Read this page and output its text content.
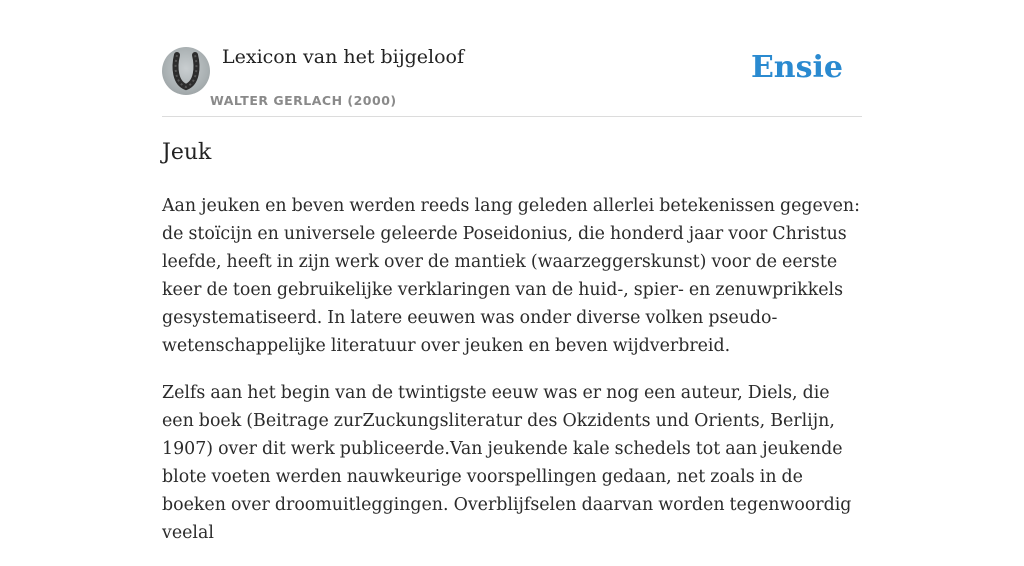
Lexicon van het bijgeloof
WALTER GERLACH (2000)
Ensie
Jeuk

Aan jeuken en beven werden reeds lang geleden allerlei betekenissen gegeven: de stoïcijn en universele geleerde Poseidonius, die honderd jaar voor Christus leefde, heeft in zijn werk over de mantiek (waarzeggerskunst) voor de eerste keer de toen gebruikelijke verklaringen van de huid-, spier- en zenuwprikkels gesystematiseerd. In latere eeuwen was onder diverse volken pseudo-wetenschappelijke literatuur over jeuken en beven wijdverbreid.

Zelfs aan het begin van de twintigste eeuw was er nog een auteur, Diels, die een boek (Beitrage zurZuckungsliteratur des Okzidents und Orients, Berlijn, 1907) over dit werk publiceerde.Van jeukende kale schedels tot aan jeukende blote voeten werden nauwkeurige voorspellingen gedaan, net zoals in de boeken over droomuitleggingen. Overblijfselen daarvan worden tegenwoordig veelal
